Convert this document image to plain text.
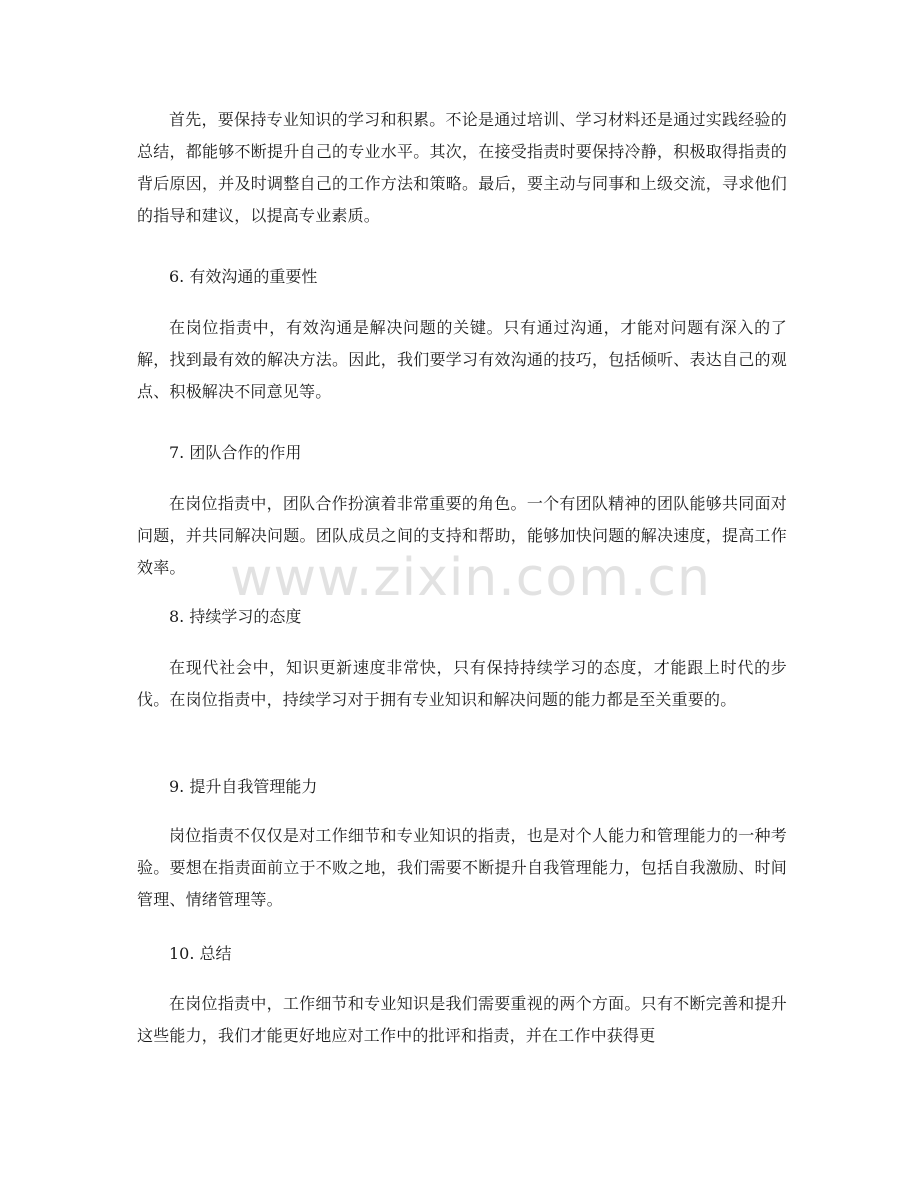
首先，要保持专业知识的学习和积累。不论是通过培训、学习材料还是通过实践经验的总结，都能够不断提升自己的专业水平。其次，在接受指责时要保持冷静，积极取得指责的背后原因，并及时调整自己的工作方法和策略。最后，要主动与同事和上级交流，寻求他们的指导和建议，以提高专业素质。

6. 有效沟通的重要性

在岗位指责中，有效沟通是解决问题的关键。只有通过沟通，才能对问题有深入的了解，找到最有效的解决方法。因此，我们要学习有效沟通的技巧，包括倾听、表达自己的观点、积极解决不同意见等。

7. 团队合作的作用

在岗位指责中，团队合作扮演着非常重要的角色。一个有团队精神的团队能够共同面对问题，并共同解决问题。团队成员之间的支持和帮助，能够加快问题的解决速度，提高工作效率。

8. 持续学习的态度

在现代社会中，知识更新速度非常快，只有保持持续学习的态度，才能跟上时代的步伐。在岗位指责中，持续学习对于拥有专业知识和解决问题的能力都是至关重要的。

9. 提升自我管理能力

岗位指责不仅仅是对工作细节和专业知识的指责，也是对个人能力和管理能力的一种考验。要想在指责面前立于不败之地，我们需要不断提升自我管理能力，包括自我激励、时间管理、情绪管理等。

10. 总结

在岗位指责中，工作细节和专业知识是我们需要重视的两个方面。只有不断完善和提升这些能力，我们才能更好地应对工作中的批评和指责，并在工作中获得更

www.zixin.com.cn
